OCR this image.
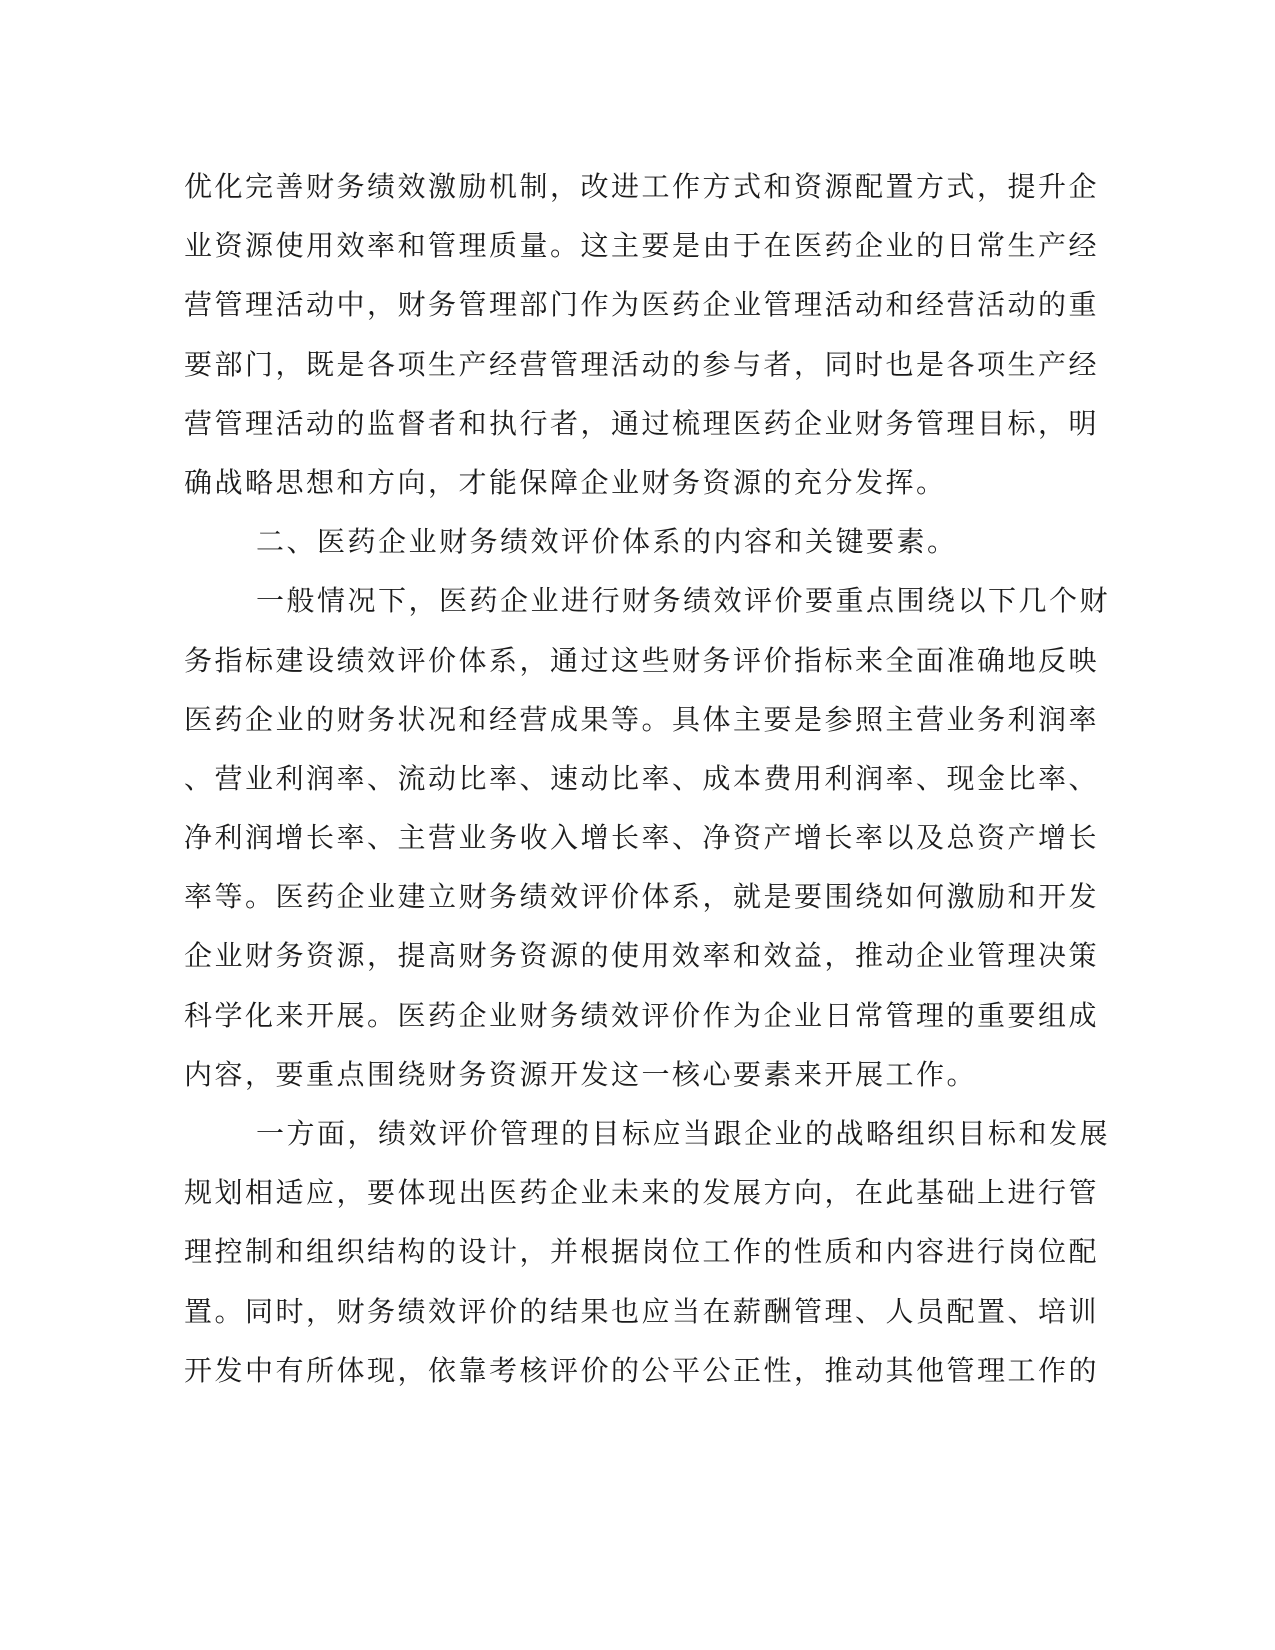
优化完善财务绩效激励机制，改进工作方式和资源配置方式，提升企
业资源使用效率和管理质量。这主要是由于在医药企业的日常生产经
营管理活动中，财务管理部门作为医药企业管理活动和经营活动的重
要部门，既是各项生产经营管理活动的参与者，同时也是各项生产经
营管理活动的监督者和执行者，通过梳理医药企业财务管理目标，明
确战略思想和方向，才能保障企业财务资源的充分发挥。
二、医药企业财务绩效评价体系的内容和关键要素。
一般情况下，医药企业进行财务绩效评价要重点围绕以下几个财
务指标建设绩效评价体系，通过这些财务评价指标来全面准确地反映
医药企业的财务状况和经营成果等。具体主要是参照主营业务利润率
、营业利润率、流动比率、速动比率、成本费用利润率、现金比率、
净利润增长率、主营业务收入增长率、净资产增长率以及总资产增长
率等。医药企业建立财务绩效评价体系，就是要围绕如何激励和开发
企业财务资源，提高财务资源的使用效率和效益，推动企业管理决策
科学化来开展。医药企业财务绩效评价作为企业日常管理的重要组成
内容，要重点围绕财务资源开发这一核心要素来开展工作。
一方面，绩效评价管理的目标应当跟企业的战略组织目标和发展
规划相适应，要体现出医药企业未来的发展方向，在此基础上进行管
理控制和组织结构的设计，并根据岗位工作的性质和内容进行岗位配
置。同时，财务绩效评价的结果也应当在薪酬管理、人员配置、培训
开发中有所体现，依靠考核评价的公平公正性，推动其他管理工作的
